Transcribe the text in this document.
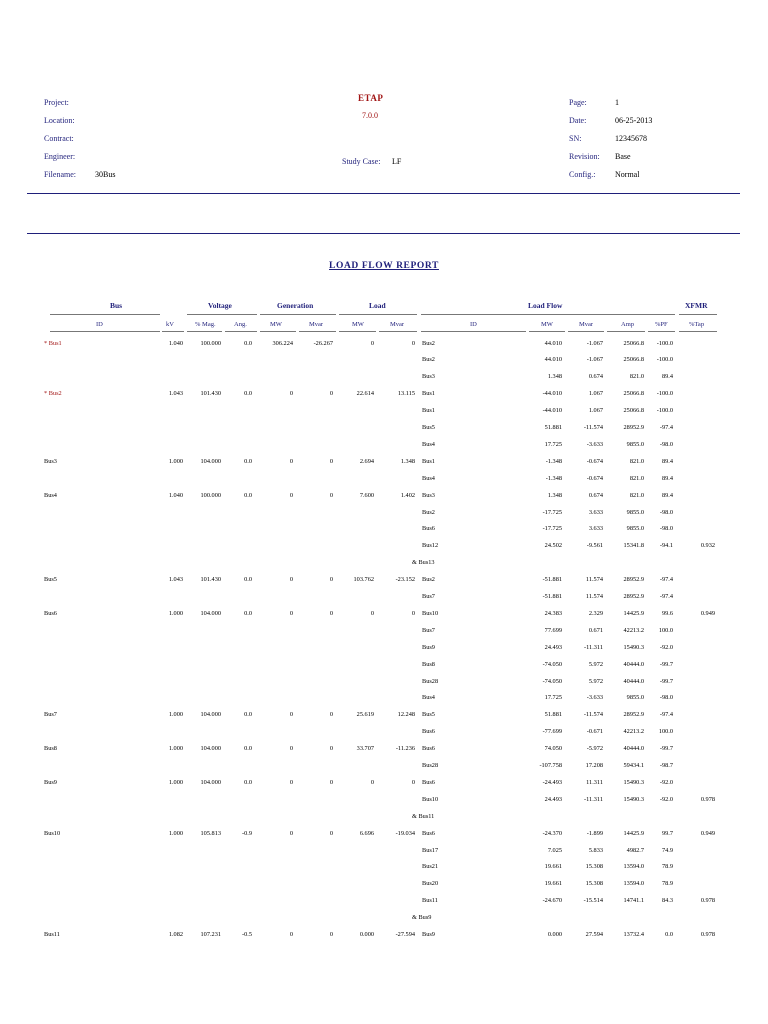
Project:
Location:
Contract:
Engineer:
Filename: 30Bus
ETAP
7.0.0
Study Case: LF
Page:	1
Date:	06-25-2013
SN:	12345678
Revision: Base
Config.: Normal
LOAD FLOW REPORT
Bus	Voltage	Generation	Load	Load Flow	XFMR
ID	kV	% Mag.	Ang.	MW	Mvar	MW	Mvar	ID	MW	Mvar	Amp	%PF	%Tap
* Bus1	1.040	100.000	0.0	306.224	-26.267	0	0 Bus2	44.010	-1.067	25066.8	-100.0
Bus2	44.010	-1.067	25066.8	-100.0
Bus3	1.348	0.674	821.0	89.4
* Bus2	1.043	101.430	0.0	0	0	22.614	13.115 Bus1	-44.010	1.067	25066.8	-100.0
Bus1	-44.010	1.067	25066.8	-100.0
Bus5	51.881	-11.574	28952.9	-97.4
Bus4	17.725	-3.633	9855.0	-98.0
Bus3	1.000	104.000	0.0	0	0	2.694	1.348 Bus1	-1.348	-0.674	821.0	89.4
Bus4	-1.348	-0.674	821.0	89.4
Bus4	1.040	100.000	0.0	0	0	7.600	1.402 Bus3	1.348	0.674	821.0	89.4
Bus2	-17.725	3.633	9855.0	-98.0
Bus6	-17.725	3.633	9855.0	-98.0
Bus12	24.502	-9.561	15341.8	-94.1	0.932
& Bus13
Bus5	1.043	101.430	0.0	0	0	103.762	-23.152 Bus2	-51.881	11.574	28952.9	-97.4
Bus7	-51.881	11.574	28952.9	-97.4
Bus6	1.000	104.000	0.0	0	0	0	0 Bus10	24.383	2.329	14425.9	99.6	0.949
Bus7	77.699	0.671	42213.2	100.0
Bus9	24.493	-11.311	15490.3	-92.0
Bus8	-74.050	5.972	40444.0	-99.7
Bus28	-74.050	5.972	40444.0	-99.7
Bus4	17.725	-3.633	9855.0	-98.0
Bus7	1.000	104.000	0.0	0	0	25.619	12.248 Bus5	51.881	-11.574	28952.9	-97.4
Bus6	-77.699	-0.671	42213.2	100.0
Bus8	1.000	104.000	0.0	0	0	33.707	-11.236 Bus6	74.050	-5.972	40444.0	-99.7
Bus28	-107.758	17.208	59434.1	-98.7
Bus9	1.000	104.000	0.0	0	0	0	0 Bus6	-24.493	11.311	15490.3	-92.0
Bus10	24.493	-11.311	15490.3	-92.0	0.978
& Bus11
Bus10	1.000	105.813	-0.9	0	0	6.696	-19.034 Bus6	-24.370	-1.899	14425.9	99.7	0.949
Bus17	7.025	5.833	4982.7	74.9
Bus21	19.661	15.308	13594.0	78.9
Bus20	19.661	15.308	13594.0	78.9
Bus11	-24.670	-15.514	14741.1	84.3	0.978
& Bus9
Bus11	1.082	107.231	-0.5	0	0	0.000	-27.594 Bus9	0.000	27.594	13732.4	0.0	0.978
